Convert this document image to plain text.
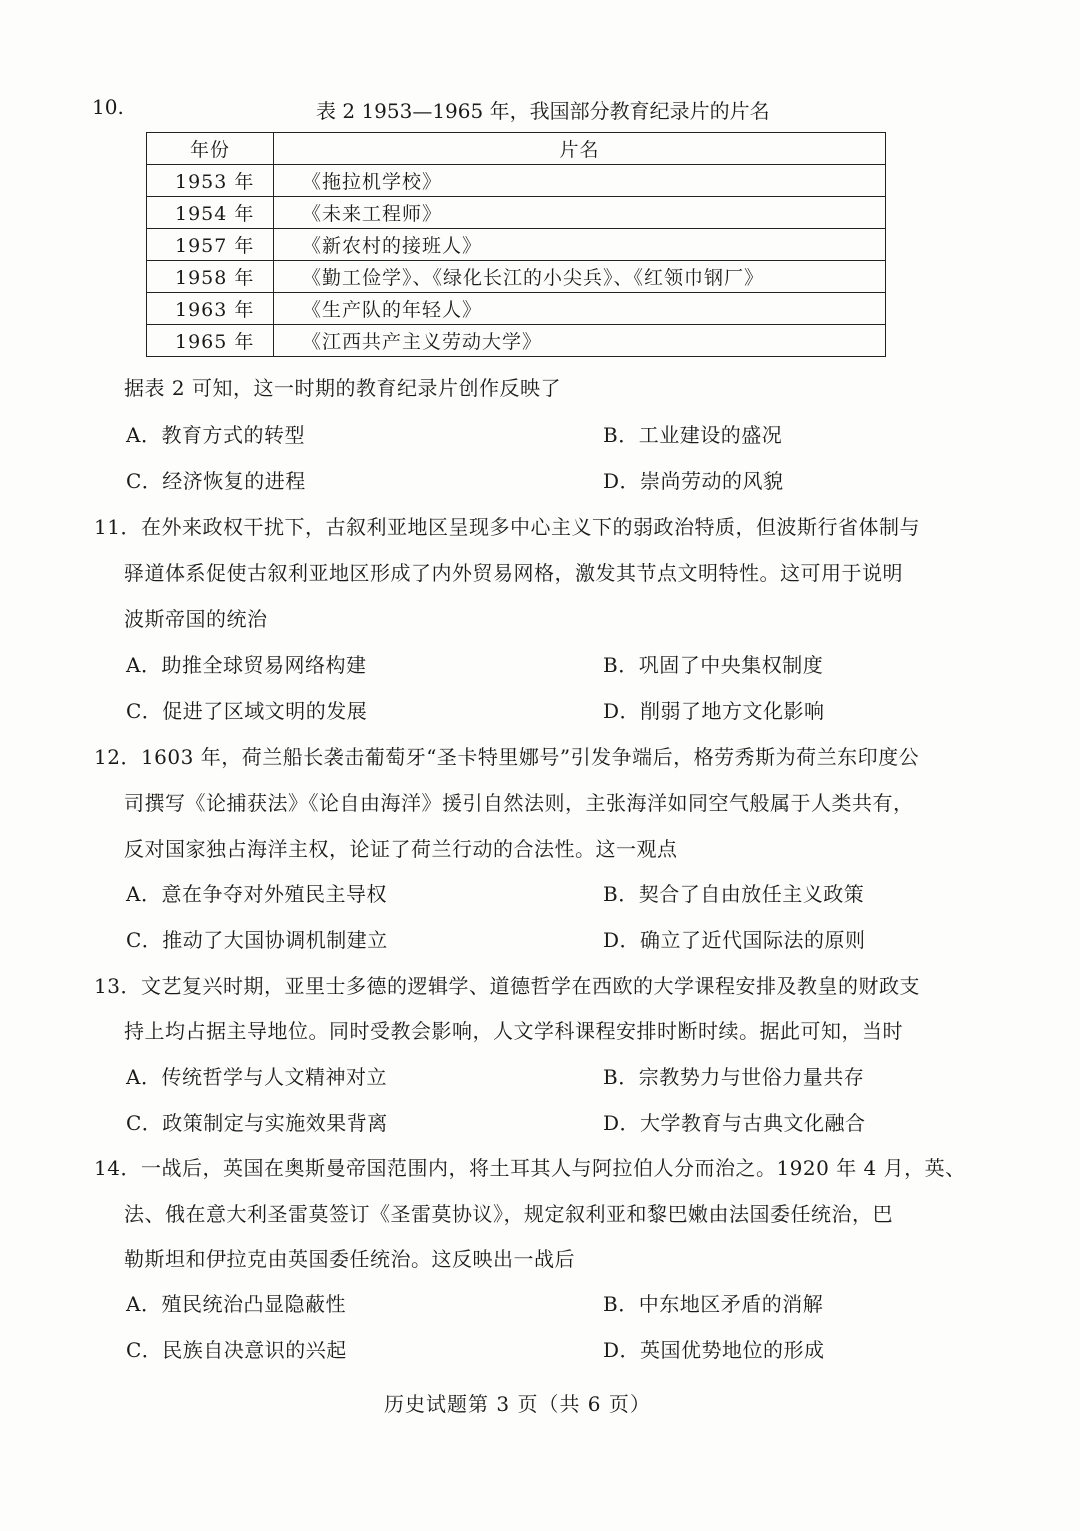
10.	表 2 1953—1965 年，我国部分教育纪录片的片名
年份	片名
1953 年	《拖拉机学校》
1954 年	《未来工程师》
1957 年	《新农村的接班人》
1958 年	《勤工俭学》、《绿化长江的小尖兵》、《红领巾钢厂》
1963 年	《生产队的年轻人》
1965 年	《江西共产主义劳动大学》
据表 2 可知，这一时期的教育纪录片创作反映了
A．教育方式的转型	B．工业建设的盛况
C．经济恢复的进程	D．崇尚劳动的风貌
11．在外来政权干扰下，古叙利亚地区呈现多中心主义下的弱政治特质，但波斯行省体制与
驿道体系促使古叙利亚地区形成了内外贸易网格，激发其节点文明特性。这可用于说明
波斯帝国的统治
A．助推全球贸易网络构建	B．巩固了中央集权制度
C．促进了区域文明的发展	D．削弱了地方文化影响
12．1603 年，荷兰船长袭击葡萄牙“圣卡特里娜号”引发争端后，格劳秀斯为荷兰东印度公
司撰写《论捕获法》《论自由海洋》援引自然法则，主张海洋如同空气般属于人类共有，
反对国家独占海洋主权，论证了荷兰行动的合法性。这一观点
A．意在争夺对外殖民主导权	B．契合了自由放任主义政策
C．推动了大国协调机制建立	D．确立了近代国际法的原则
13．文艺复兴时期，亚里士多德的逻辑学、道德哲学在西欧的大学课程安排及教皇的财政支
持上均占据主导地位。同时受教会影响，人文学科课程安排时断时续。据此可知，当时
A．传统哲学与人文精神对立	B．宗教势力与世俗力量共存
C．政策制定与实施效果背离	D．大学教育与古典文化融合
14．一战后，英国在奥斯曼帝国范围内，将土耳其人与阿拉伯人分而治之。1920 年 4 月，英、
法、俄在意大利圣雷莫签订《圣雷莫协议》，规定叙利亚和黎巴嫩由法国委任统治，巴
勒斯坦和伊拉克由英国委任统治。这反映出一战后
A．殖民统治凸显隐蔽性	B．中东地区矛盾的消解
C．民族自决意识的兴起	D．英国优势地位的形成
历史试题第 3 页（共 6 页）
